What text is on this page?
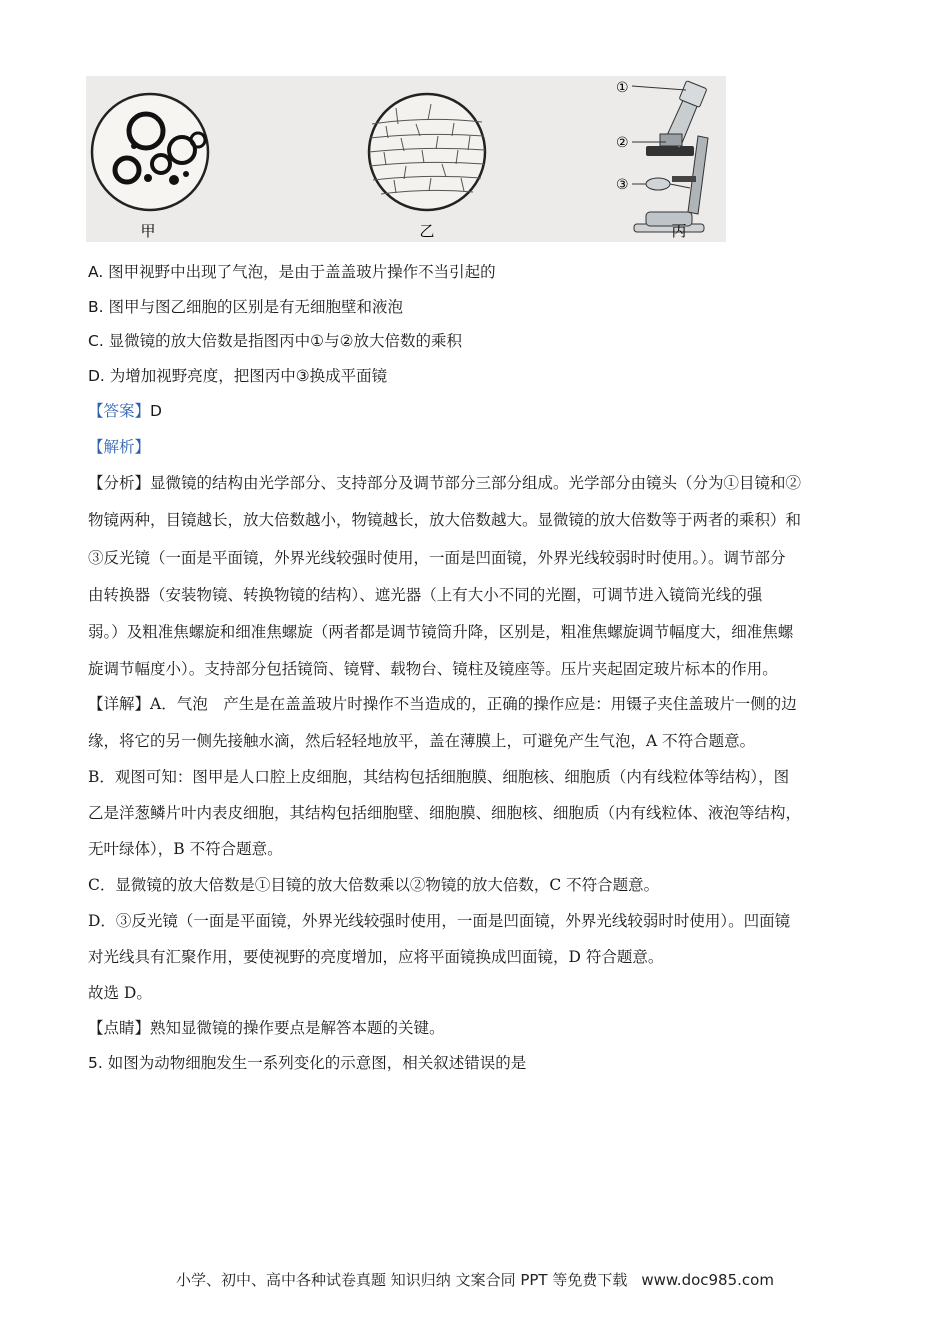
①
②
③
甲	乙	丙
A. 图甲视野中出现了气泡，是由于盖盖玻片操作不当引起的
B. 图甲与图乙细胞的区别是有无细胞壁和液泡
C. 显微镜的放大倍数是指图丙中①与②放大倍数的乘积
D. 为增加视野亮度，把图丙中③换成平面镜
【答案】D
【解析】
【分析】显微镜的结构由光学部分、支持部分及调节部分三部分组成。光学部分由镜头（分为①目镜和②
物镜两种，目镜越长，放大倍数越小，物镜越长，放大倍数越大。显微镜的放大倍数等于两者的乘积）和
③反光镜（一面是平面镜，外界光线较强时使用，一面是凹面镜，外界光线较弱时时使用。）。调节部分
由转换器（安装物镜、转换物镜的结构）、遮光器（上有大小不同的光圈，可调节进入镜筒光线的强
弱。）及粗准焦螺旋和细准焦螺旋（两者都是调节镜筒升降，区别是，粗准焦螺旋调节幅度大，细准焦螺
旋调节幅度小）。支持部分包括镜筒、镜臂、载物台、镜柱及镜座等。压片夹起固定玻片标本的作用。
【详解】A．气泡　产生是在盖盖玻片时操作不当造成的，正确的操作应是：用镊子夹住盖玻片一侧的边
缘，将它的另一侧先接触水滴，然后轻轻地放平，盖在薄膜上，可避免产生气泡，A 不符合题意。
B．观图可知：图甲是人口腔上皮细胞，其结构包括细胞膜、细胞核、细胞质（内有线粒体等结构），图
乙是洋葱鳞片叶内表皮细胞，其结构包括细胞壁、细胞膜、细胞核、细胞质（内有线粒体、液泡等结构，
无叶绿体），B 不符合题意。
C．显微镜的放大倍数是①目镜的放大倍数乘以②物镜的放大倍数，C 不符合题意。
D．③反光镜（一面是平面镜，外界光线较强时使用，一面是凹面镜，外界光线较弱时时使用）。凹面镜
对光线具有汇聚作用，要使视野的亮度增加，应将平面镜换成凹面镜，D 符合题意。
故选 D。
【点睛】熟知显微镜的操作要点是解答本题的关键。
5. 如图为动物细胞发生一系列变化的示意图，相关叙述错误的是
小学、初中、高中各种试卷真题 知识归纳 文案合同 PPT 等免费下载 www.doc985.com
